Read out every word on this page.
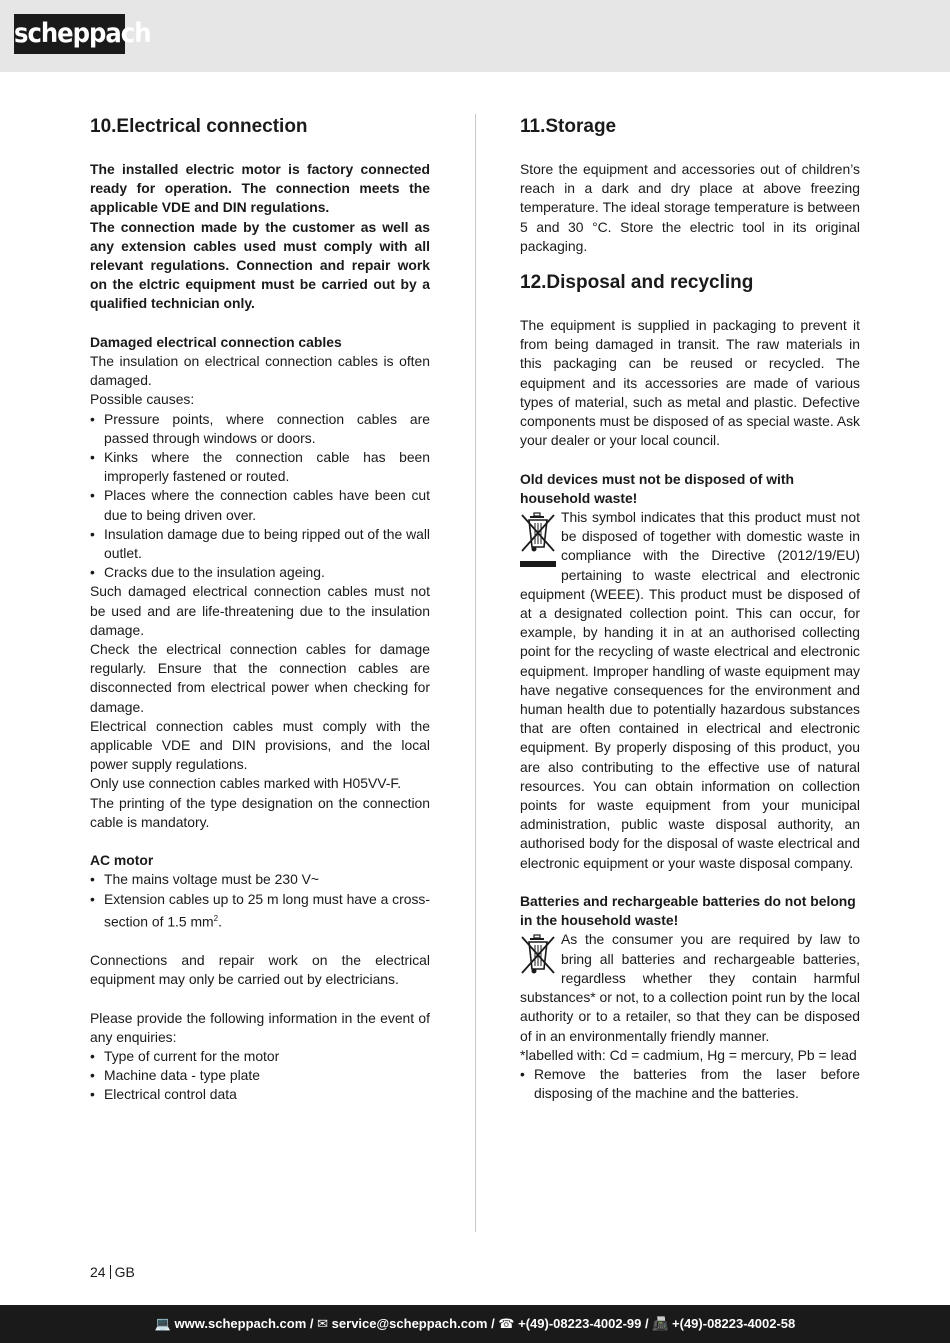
scheppach
10.Electrical connection

The installed electric motor is factory connected ready for operation. The connection meets the applicable VDE and DIN regulations.

The connection made by the customer as well as any extension cables used must comply with all relevant regulations. Connection and repair work on the elctric equipment must be carried out by a qualified technician only.

Damaged electrical connection cables

The insulation on electrical connection cables is often damaged.

Possible causes:

• Pressure points, where connection cables are passed through windows or doors.
• Kinks where the connection cable has been improperly fastened or routed.
• Places where the connection cables have been cut due to being driven over.
• Insulation damage due to being ripped out of the wall outlet.
• Cracks due to the insulation ageing.

Such damaged electrical connection cables must not be used and are life-threatening due to the insulation damage.

Check the electrical connection cables for damage regularly. Ensure that the connection cables are disconnected from electrical power when checking for damage.

Electrical connection cables must comply with the applicable VDE and DIN provisions, and the local power supply regulations.

Only use connection cables marked with H05VV-F.

The printing of the type designation on the connection cable is mandatory.

AC motor

• The mains voltage must be 230 V~
• Extension cables up to 25 m long must have a cross-section of 1.5 $mm^2$.

Connections and repair work on the electrical equipment may only be carried out by electricians.

Please provide the following information in the event of any enquiries:

• Type of current for the motor
• Machine data - type plate
• Electrical control data
11.Storage

Store the equipment and accessories out of children’s reach in a dark and dry place at above freezing temperature. The ideal storage temperature is between 5 and 30 °C. Store the electric tool in its original packaging.

12.Disposal and recycling

The equipment is supplied in packaging to prevent it from being damaged in transit. The raw materials in this packaging can be reused or recycled. The equipment and its accessories are made of various types of material, such as metal and plastic. Defective components must be disposed of as special waste. Ask your dealer or your local council.

Old devices must not be disposed of with household waste!

This symbol indicates that this product must not be disposed of together with domestic waste in compliance with the Directive (2012/19/EU) pertaining to waste electrical and electronic equipment (WEEE). This product must be disposed of at a designated collection point. This can occur, for example, by handing it in at an authorised collecting point for the recycling of waste electrical and electronic equipment. Improper handling of waste equipment may have negative consequences for the environment and human health due to potentially hazardous substances that are often contained in electrical and electronic equipment. By properly disposing of this product, you are also contributing to the effective use of natural resources. You can obtain information on collection points for waste equipment from your municipal administration, public waste disposal authority, an authorised body for the disposal of waste electrical and electronic equipment or your waste disposal company.

Batteries and rechargeable batteries do not belong in the household waste!

As the consumer you are required by law to bring all batteries and rechargeable batteries, regardless whether they contain harmful substances* or not, to a collection point run by the local authority or to a retailer, so that they can be disposed of in an environmentally friendly manner.

*labelled with: Cd = cadmium, Hg = mercury, Pb = lead

• Remove the batteries from the laser before disposing of the machine and the batteries.
24 GB
💻 www.scheppach.com / ✉ service@scheppach.com / ☎ +(49)-08223-4002-99 / 📠 +(49)-08223-4002-58
